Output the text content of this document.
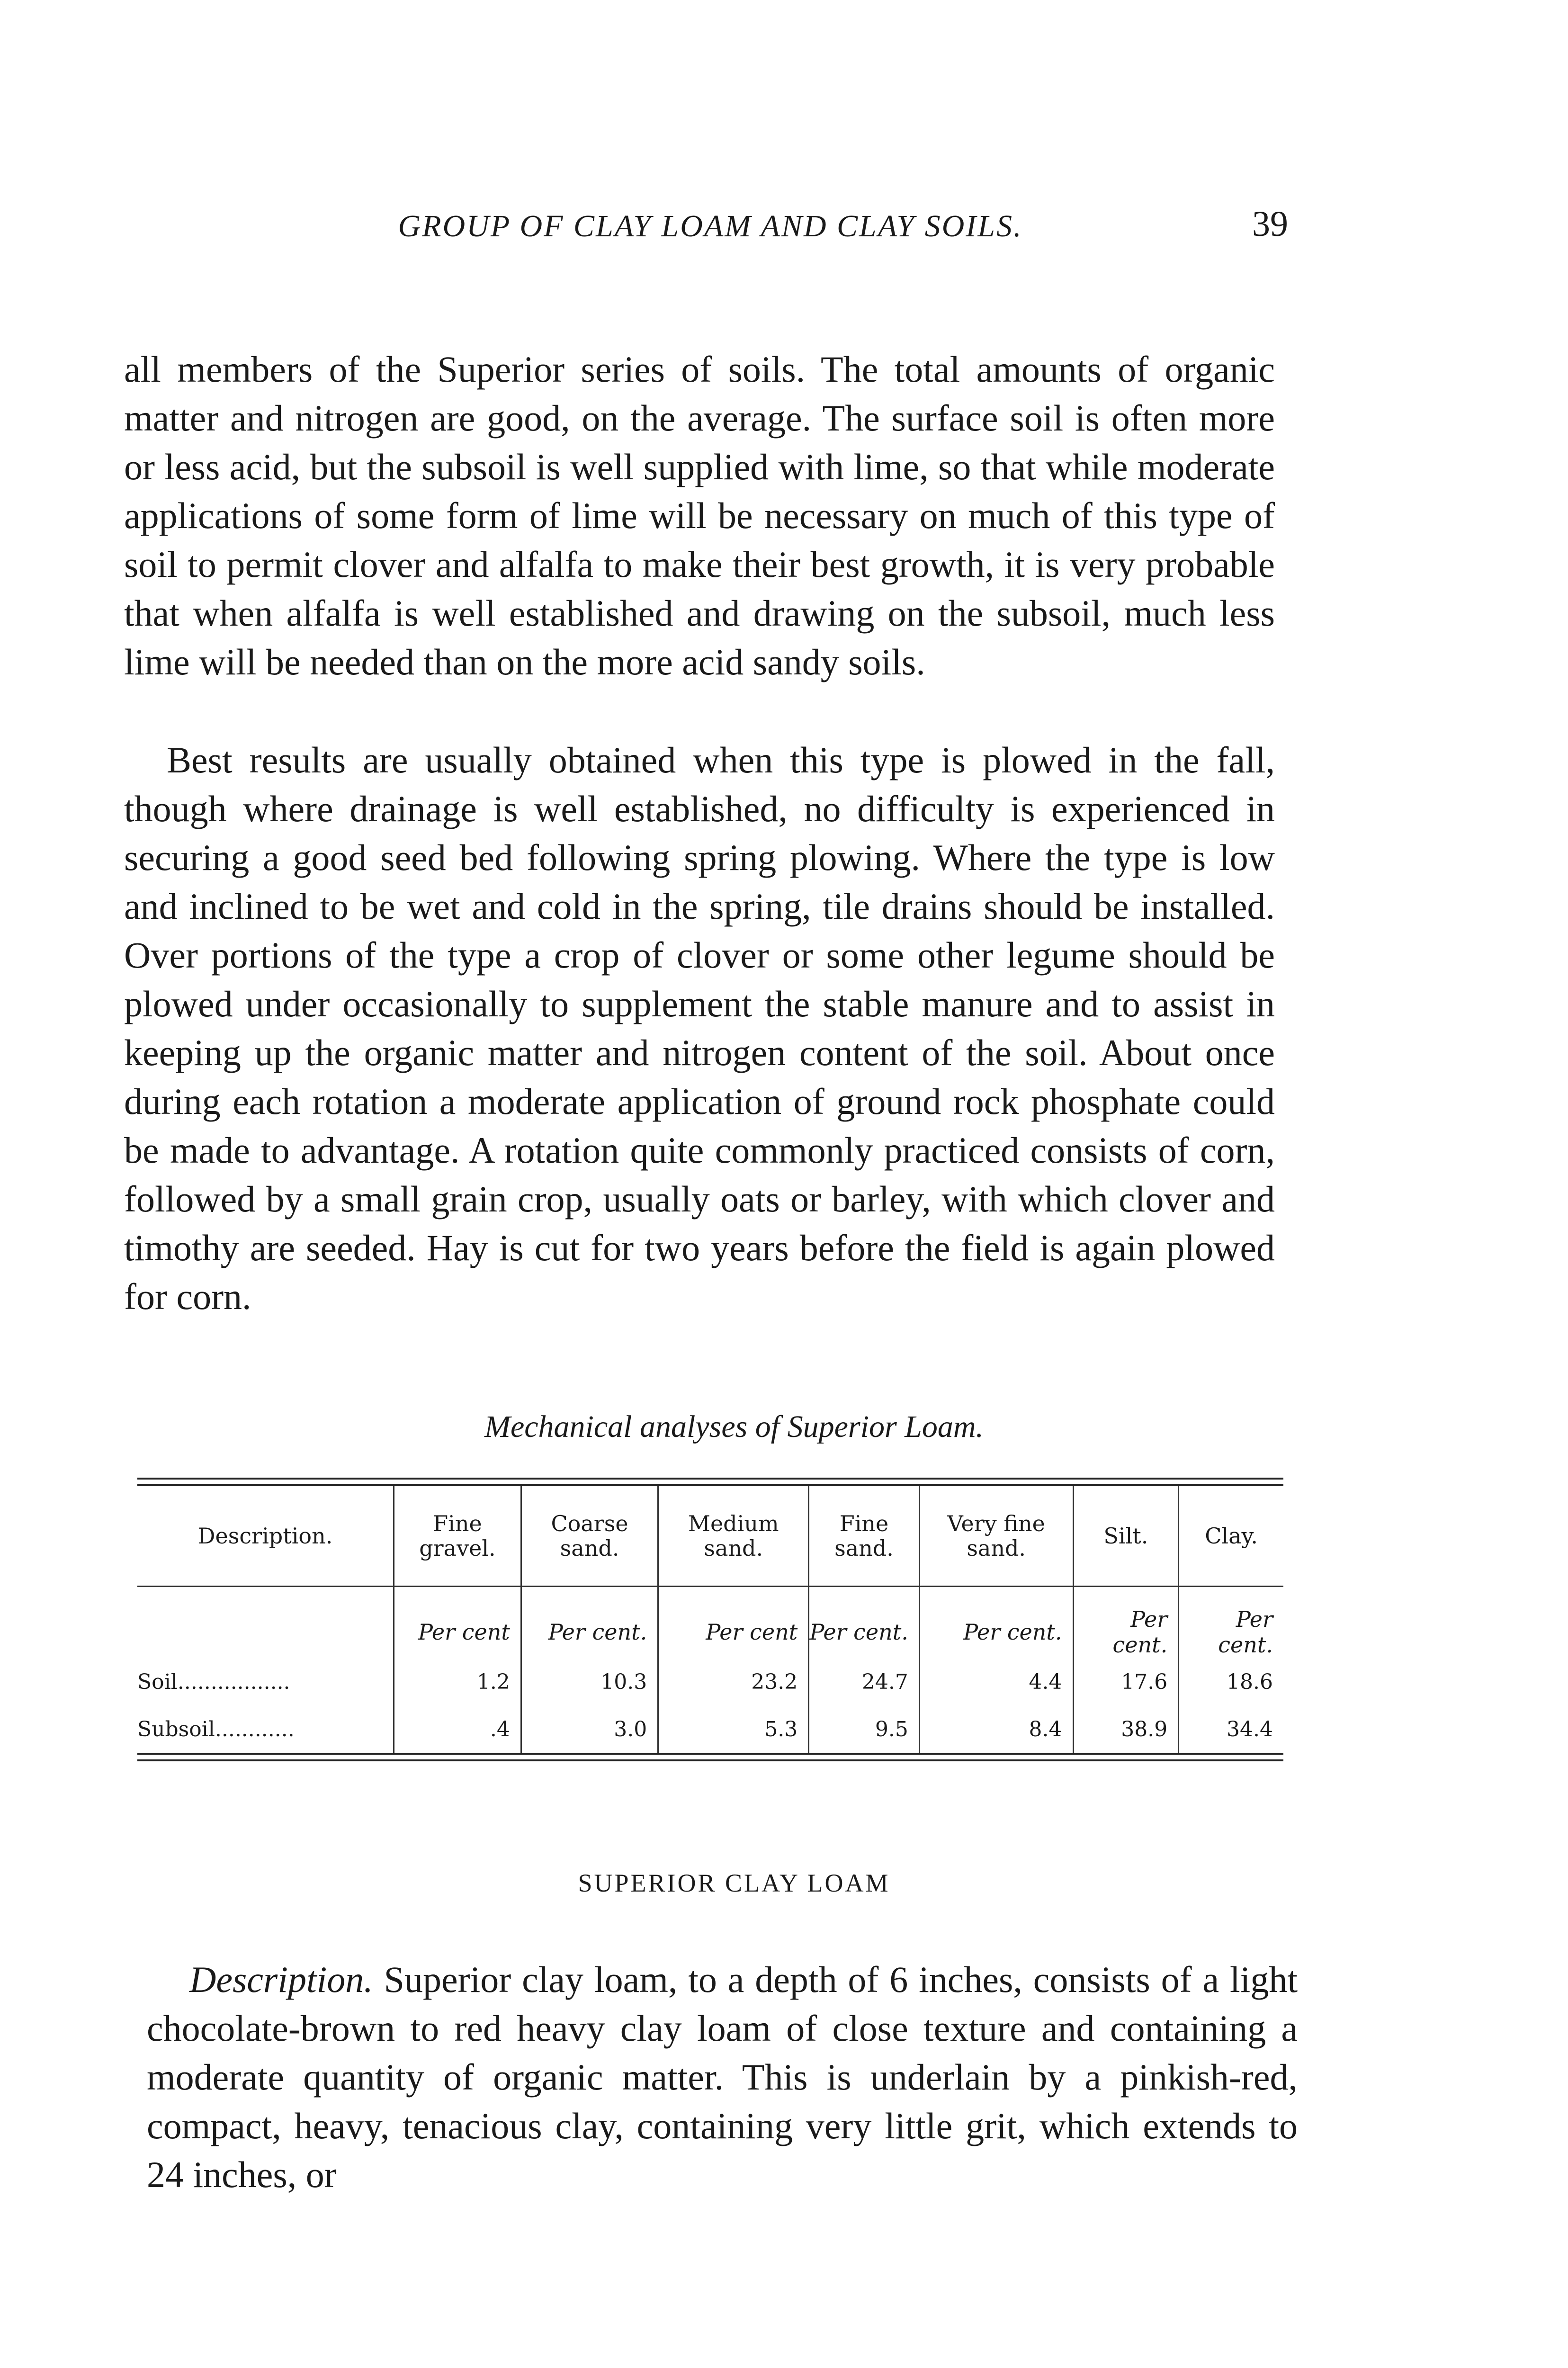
GROUP OF CLAY LOAM AND CLAY SOILS.	39

all members of the Superior series of soils. The total amounts of organic matter and nitrogen are good, on the average. The surface soil is often more or less acid, but the subsoil is well supplied with lime, so that while moderate applications of some form of lime will be necessary on much of this type of soil to permit clover and alfalfa to make their best growth, it is very probable that when alfalfa is well established and drawing on the subsoil, much less lime will be needed than on the more acid sandy soils.

Best results are usually obtained when this type is plowed in the fall, though where drainage is well established, no difficulty is experienced in securing a good seed bed following spring plowing. Where the type is low and inclined to be wet and cold in the spring, tile drains should be installed. Over portions of the type a crop of clover or some other legume should be plowed under occasionally to supplement the stable manure and to assist in keeping up the organic matter and nitrogen content of the soil. About once during each rotation a moderate application of ground rock phosphate could be made to advantage. A rotation quite commonly practiced consists of corn, followed by a small grain crop, usually oats or barley, with which clover and timothy are seeded. Hay is cut for two years before the field is again plowed for corn.

Mechanical analyses of Superior Loam.
Description.	Fine gravel.	Coarse sand.	Medium sand.	Fine sand.	Very fine sand.	Silt.	Clay.
	Per cent	Per cent.	Per cent	Per cent.	Per cent.	Per cent.	Per cent.
Soil.................	1.2	10.3	23.2	24.7	4.4	17.6	18.6
Subsoil............	.4	3.0	5.3	9.5	8.4	38.9	34.4
SUPERIOR CLAY LOAM

Description. Superior clay loam, to a depth of 6 inches, consists of a light chocolate-brown to red heavy clay loam of close texture and containing a moderate quantity of organic matter. This is underlain by a pinkish-red, compact, heavy, tenacious clay, containing very little grit, which extends to 24 inches, or
